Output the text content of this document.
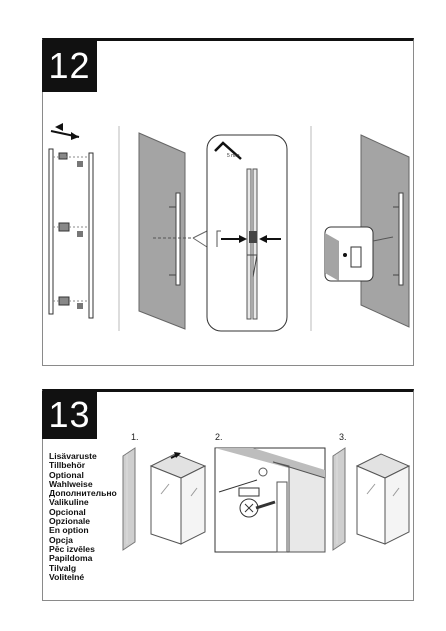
12
5 mm
13
Lisävaruste
Tillbehör
Optional
Wahlweise
Дополнительно
Valikuline
Opcional
Opzionale
En option
Opcja
Pēc izvēles
Papildoma
Tilvalg
Volitelné
1.	2.	3.
